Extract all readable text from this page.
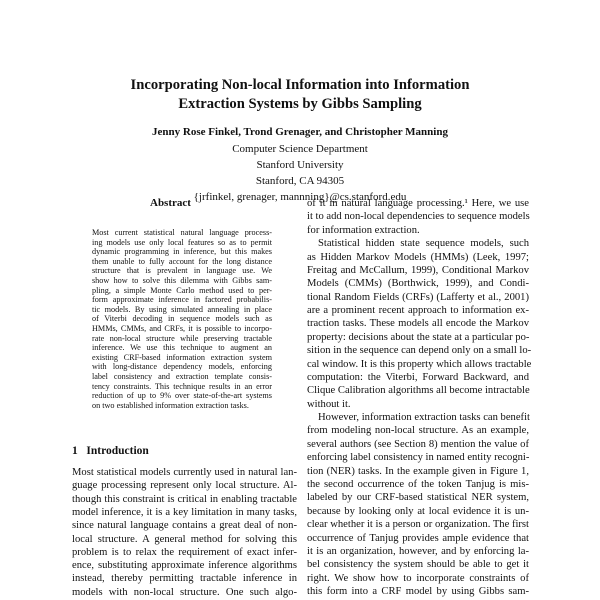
Incorporating Non-local Information into Information
Extraction Systems by Gibbs Sampling
Jenny Rose Finkel, Trond Grenager, and Christopher Manning
Computer Science Department
Stanford University
Stanford, CA 94305
{jrfinkel, grenager, mannning}@cs.stanford.edu
Abstract
Most current statistical natural language process-
ing models use only local features so as to permit
dynamic programming in inference, but this makes
them unable to fully account for the long distance
structure that is prevalent in language use. We
show how to solve this dilemma with Gibbs sam-
pling, a simple Monte Carlo method used to per-
form approximate inference in factored probabilis-
tic models. By using simulated annealing in place
of Viterbi decoding in sequence models such as
HMMs, CMMs, and CRFs, it is possible to incorpo-
rate non-local structure while preserving tractable
inference. We use this technique to augment an
existing CRF-based information extraction system
with long-distance dependency models, enforcing
label consistency and extraction template consis-
tency constraints. This technique results in an error
reduction of up to 9% over state-of-the-art systems
on two established information extraction tasks.
1   Introduction
Most statistical models currently used in natural lan-
guage processing represent only local structure. Al-
though this constraint is critical in enabling tractable
model inference, it is a key limitation in many tasks,
since natural language contains a great deal of non-
local structure. A general method for solving this
problem is to relax the requirement of exact infer-
ence, substituting approximate inference algorithms
instead, thereby permitting tractable inference in
models with non-local structure. One such algo-
of it in natural language processing.¹ Here, we use
it to add non-local dependencies to sequence models
for information extraction.
Statistical hidden state sequence models, such
as Hidden Markov Models (HMMs) (Leek, 1997;
Freitag and McCallum, 1999), Conditional Markov
Models (CMMs) (Borthwick, 1999), and Condi-
tional Random Fields (CRFs) (Lafferty et al., 2001)
are a prominent recent approach to information ex-
traction tasks. These models all encode the Markov
property: decisions about the state at a particular po-
sition in the sequence can depend only on a small lo-
cal window. It is this property which allows tractable
computation: the Viterbi, Forward Backward, and
Clique Calibration algorithms all become intractable
without it.
However, information extraction tasks can benefit
from modeling non-local structure. As an example,
several authors (see Section 8) mention the value of
enforcing label consistency in named entity recogni-
tion (NER) tasks. In the example given in Figure 1,
the second occurrence of the token Tanjug is mis-
labeled by our CRF-based statistical NER system,
because by looking only at local evidence it is un-
clear whether it is a person or organization. The first
occurrence of Tanjug provides ample evidence that
it is an organization, however, and by enforcing la-
bel consistency the system should be able to get it
right. We show how to incorporate constraints of
this form into a CRF model by using Gibbs sam-
